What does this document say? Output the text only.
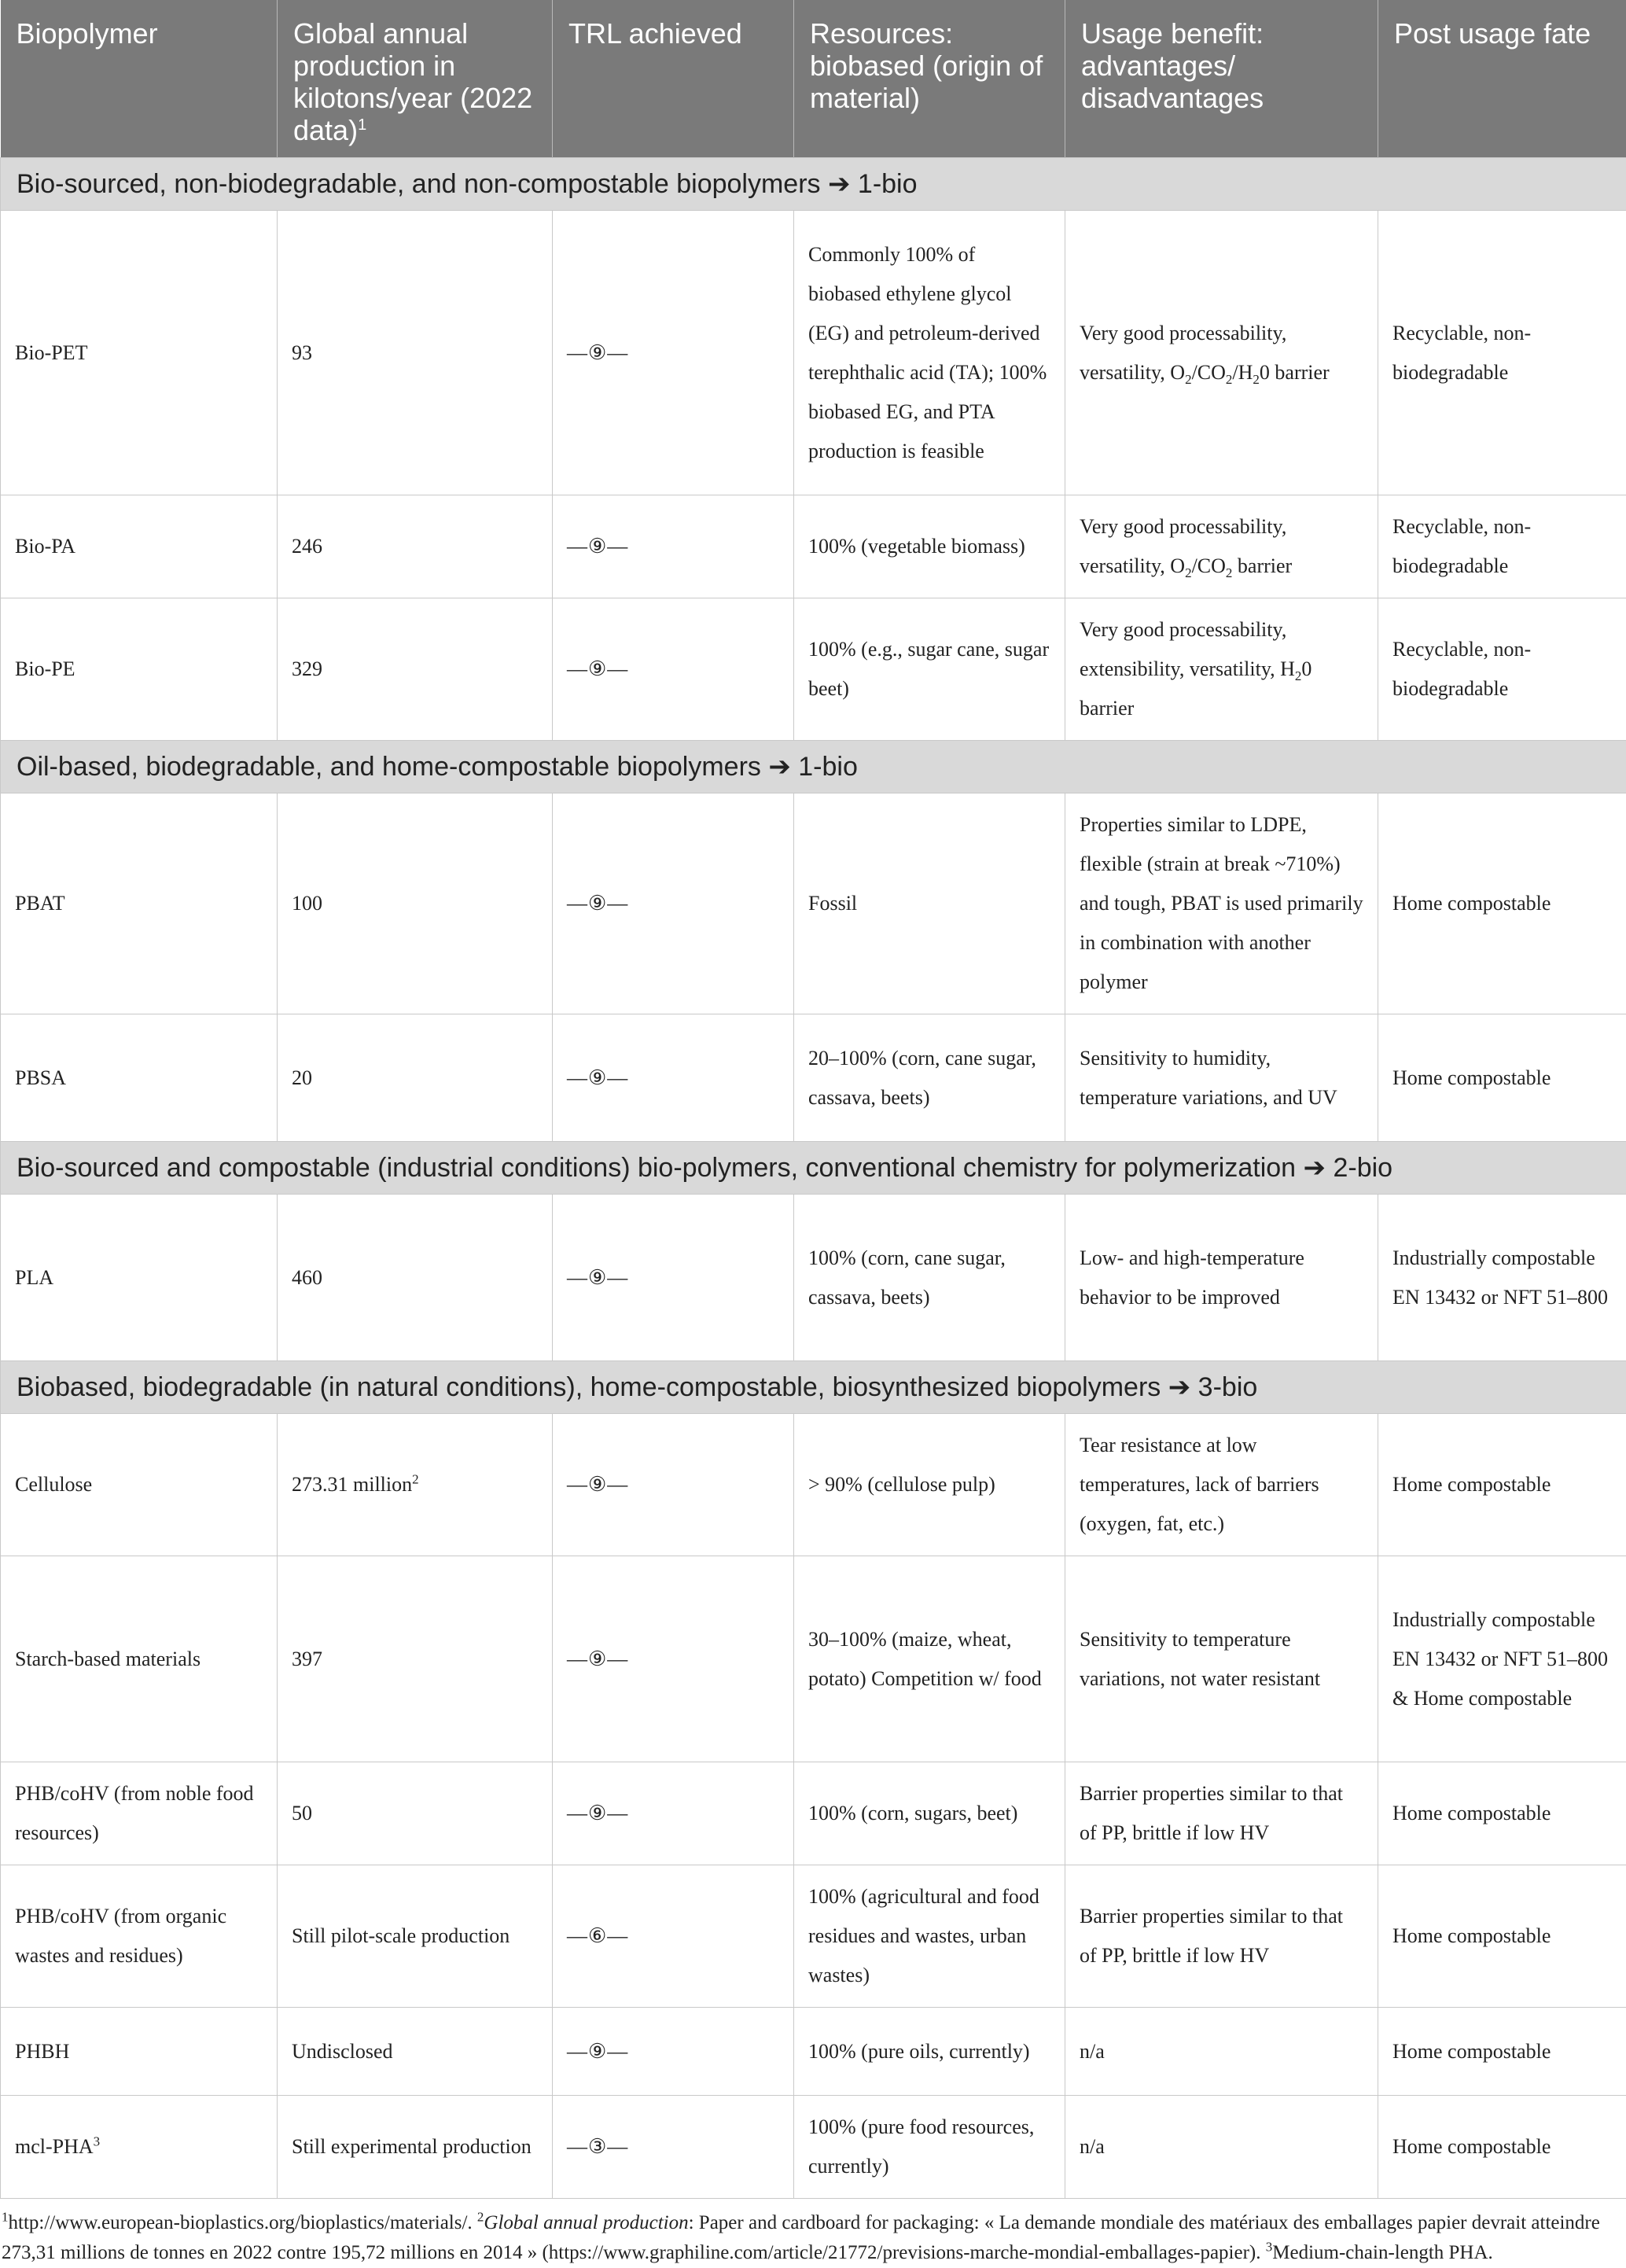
Biopolymer	Global annual production in kilotons/year (2022 data)$^1$	TRL achieved	Resources: biobased (origin of material)	Usage benefit: advantages/ disadvantages	Post usage fate
Bio-sourced, non-biodegradable, and non-compostable biopolymers ➔ 1-bio					
Bio-PET	93	—⑨—	Commonly 100% of biobased ethylene glycol (EG) and petroleum-derived terephthalic acid (TA); 100% biobased EG, and PTA production is feasible	Very good processability, versatility, $O_2/CO_2/H_20$ barrier	Recyclable, non-biodegradable
Bio-PA	246	—⑨—	100% (vegetable biomass)	Very good processability, versatility, $O_2/CO_2$ barrier	Recyclable, non-biodegradable
Bio-PE	329	—⑨—	100% (e.g., sugar cane, sugar beet)	Very good processability, extensibility, versatility, $H_20$ barrier	Recyclable, non-biodegradable
Oil-based, biodegradable, and home-compostable biopolymers ➔ 1-bio					
PBAT	100	—⑨—	Fossil	Properties similar to LDPE, flexible (strain at break ~710%) and tough, PBAT is used primarily in combination with another polymer	Home compostable
PBSA	20	—⑨—	20–100% (corn, cane sugar, cassava, beets)	Sensitivity to humidity, temperature variations, and UV	Home compostable
Bio-sourced and compostable (industrial conditions) bio-polymers, conventional chemistry for polymerization ➔ 2-bio					
PLA	460	—⑨—	100% (corn, cane sugar, cassava, beets)	Low- and high-temperature behavior to be improved	Industrially compostable EN 13432 or NFT 51–800
Biobased, biodegradable (in natural conditions), home-compostable, biosynthesized biopolymers ➔ 3-bio					
Cellulose	273.31 million$^2$	—⑨—	> 90% (cellulose pulp)	Tear resistance at low temperatures, lack of barriers (oxygen, fat, etc.)	Home compostable
Starch-based materials	397	—⑨—	30–100% (maize, wheat, potato) Competition w/ food	Sensitivity to temperature variations, not water resistant	Industrially compostable EN 13432 or NFT 51–800 & Home compostable
PHB/coHV (from noble food resources)	50	—⑨—	100% (corn, sugars, beet)	Barrier properties similar to that of PP, brittle if low HV	Home compostable
PHB/coHV (from organic wastes and residues)	Still pilot-scale production	—⑥—	100% (agricultural and food residues and wastes, urban wastes)	Barrier properties similar to that of PP, brittle if low HV	Home compostable
PHBH	Undisclosed	—⑨—	100% (pure oils, currently)	n/a	Home compostable
mcl-PHA$^3$	Still experimental production	—③—	100% (pure food resources, currently)	n/a	Home compostable
$^1$http://www.european-bioplastics.org/bioplastics/materials/. $^2$Global annual production: Paper and cardboard for packaging: « La demande mondiale des matériaux des emballages papier devrait atteindre 273,31 millions de tonnes en 2022 contre 195,72 millions en 2014 » (https://www.graphiline.com/article/21772/previsions-marche-mondial-emballages-papier). $^3$Medium-chain-length PHA.
